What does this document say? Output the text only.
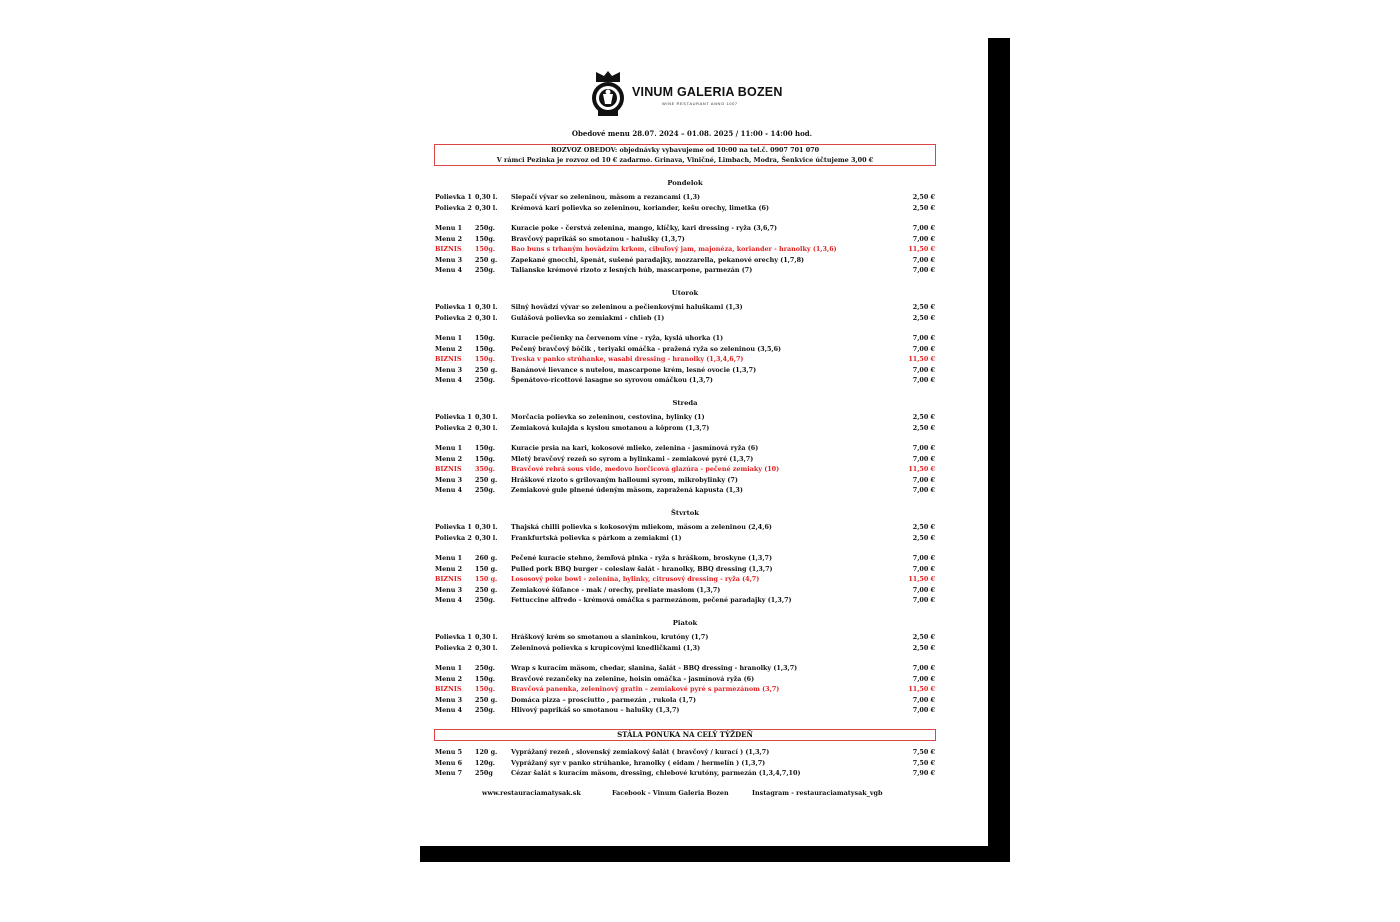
VINUM GALERIA BOZEN
WINE RESTAURANT ANNO 1007
Obedové menu 28.07. 2024 – 01.08. 2025 / 11:00 - 14:00 hod.
ROZVOZ OBEDOV: objednávky vybavujeme od 10:00 na tel.č. 0907 701 070
V rámci Pezinka je rozvoz od 10 € zadarmo. Grinava, Viničné, Limbach, Modra, Šenkvice účtujeme 3,00 €
Pondelok
Polievka 1 0,30 l. Slepačí vývar so zeleninou, mäsom a rezancami (1,3)	2,50 €
Polievka 2 0,30 l. Krémová kari polievka so zeleninou, koriander, kešu orechy, limetka (6)	2,50 €
Menu 1 250g. Kuracie poke - čerstvá zelenina, mango, klíčky, kari dressing - ryža (3,6,7)	7,00 €
Menu 2 150g. Bravčový paprikáš so smotanou - halušky (1,3,7)	7,00 €
BIZNIS 150g. Bao buns s trhaným hovädzím krkom, cibuľový jam, majonéza, koriander - hranolky (1,3,6)	11,50 €
Menu 3 250 g. Zapekané gnocchi, špenát, sušené paradajky, mozzarella, pekanové orechy (1,7,8)	7,00 €
Menu 4 250g. Talianske krémové rizoto z lesných húb, mascarpone, parmezán (7)	7,00 €
Utorok
Polievka 1 0,30 l. Silný hovädzí vývar so zeleninou a pečienkovými haluškami (1,3)	2,50 €
Polievka 2 0,30 l. Gulášová polievka so zemiakmi - chlieb (1)	2,50 €
Menu 1 150g. Kuracie pečienky na červenom víne - ryža, kyslá uhorka (1)	7,00 €
Menu 2 150g. Pečený bravčový bôčik , teriyaki omáčka - pražená ryža so zeleninou (3,5,6)	7,00 €
BIZNIS 150g. Treska v panko strúhanke, wasabi dressing - hranolky (1,3,4,6,7)	11,50 €
Menu 3 250 g. Banánové lievance s nutelou, mascarpone krém, lesné ovocie (1,3,7)	7,00 €
Menu 4 250g. Špenátovo-ricottové lasagne so syrovou omáčkou (1,3,7)	7,00 €
Streda
Polievka 1 0,30 l. Morčacia polievka so zeleninou, cestovina, bylinky (1)	2,50 €
Polievka 2 0,30 l. Zemiaková kulajda s kyslou smotanou a kôprom (1,3,7)	2,50 €
Menu 1 150g. Kuracie prsia na kari, kokosové mlieko, zelenina - jasmínová ryža (6)	7,00 €
Menu 2 150g. Mletý bravčový rezeň so syrom a bylinkami - zemiakové pyré (1,3,7)	7,00 €
BIZNIS 350g. Bravčové rebrá sous vide, medovo horčicová glazúra - pečené zemiaky (10)	11,50 €
Menu 3 250 g. Hráškové rizoto s grilovaným halloumi syrom, mikrobylinky (7)	7,00 €
Menu 4 250g. Zemiakové gule plnené údeným mäsom, zapražená kapusta (1,3)	7,00 €
Štvrtok
Polievka 1 0,30 l. Thajská chilli polievka s kokosovým mliekom, mäsom a zeleninou (2,4,6)	2,50 €
Polievka 2 0,30 l. Frankfurtská polievka s párkom a zemiakmi (1)	2,50 €
Menu 1 260 g. Pečené kuracie stehno, žemľová plnka - ryža s hráškom, broskyne (1,3,7)	7,00 €
Menu 2 150 g. Pulled pork BBQ burger - coleslaw šalát - hranolky, BBQ dressing (1,3,7)	7,00 €
BIZNIS 150 g. Lososový poke bowl - zelenina, bylinky, citrusový dressing - ryža (4,7)	11,50 €
Menu 3 250 g. Zemiakové šúľance - mak / orechy, preliate maslom (1,3,7)	7,00 €
Menu 4 250g. Fettuccine alfredo - krémová omáčka s parmezánom, pečené paradajky (1,3,7)	7,00 €
Piatok
Polievka 1 0,30 l. Hráškový krém so smotanou a slaninkou, krutóny (1,7)	2,50 €
Polievka 2 0,30 l. Zeleninová polievka s krupicovými knedličkami (1,3)	2,50 €
Menu 1 250g. Wrap s kuracím mäsom, chedar, slanina, šalát - BBQ dressing - hranolky (1,3,7)	7,00 €
Menu 2 150g. Bravčové rezančeky na zelenine, hoisin omáčka - jasmínová ryža (6)	7,00 €
BIZNIS 150g. Bravčová panenka, zeleninový gratin – zemiakové pyré s parmezánom (3,7)	11,50 €
Menu 3 250 g. Domáca pizza – prosciutto , parmezán , rukola (1,7)	7,00 €
Menu 4 250g. Hlivový paprikáš so smotanou – halušky (1,3,7)	7,00 €
STÁLA PONUKA NA CELÝ TÝŽDEŇ
Menu 5 120 g. Vyprážaný rezeň , slovenský zemiakový šalát ( bravčový / kurací ) (1,3,7)	7,50 €
Menu 6 120g. Vyprážaný syr v panko strúhanke, hranolky ( eidam / hermelín ) (1,3,7)	7,50 €
Menu 7 250g	Cézar šalát s kuracím mäsom, dressing, chlebové krutóny, parmezán (1,3,4,7,10)	7,90 €
www.restauraciamatysak.sk	Facebook - Vinum Galeria Bozen	Instagram - restauraciamatysak_vgb
